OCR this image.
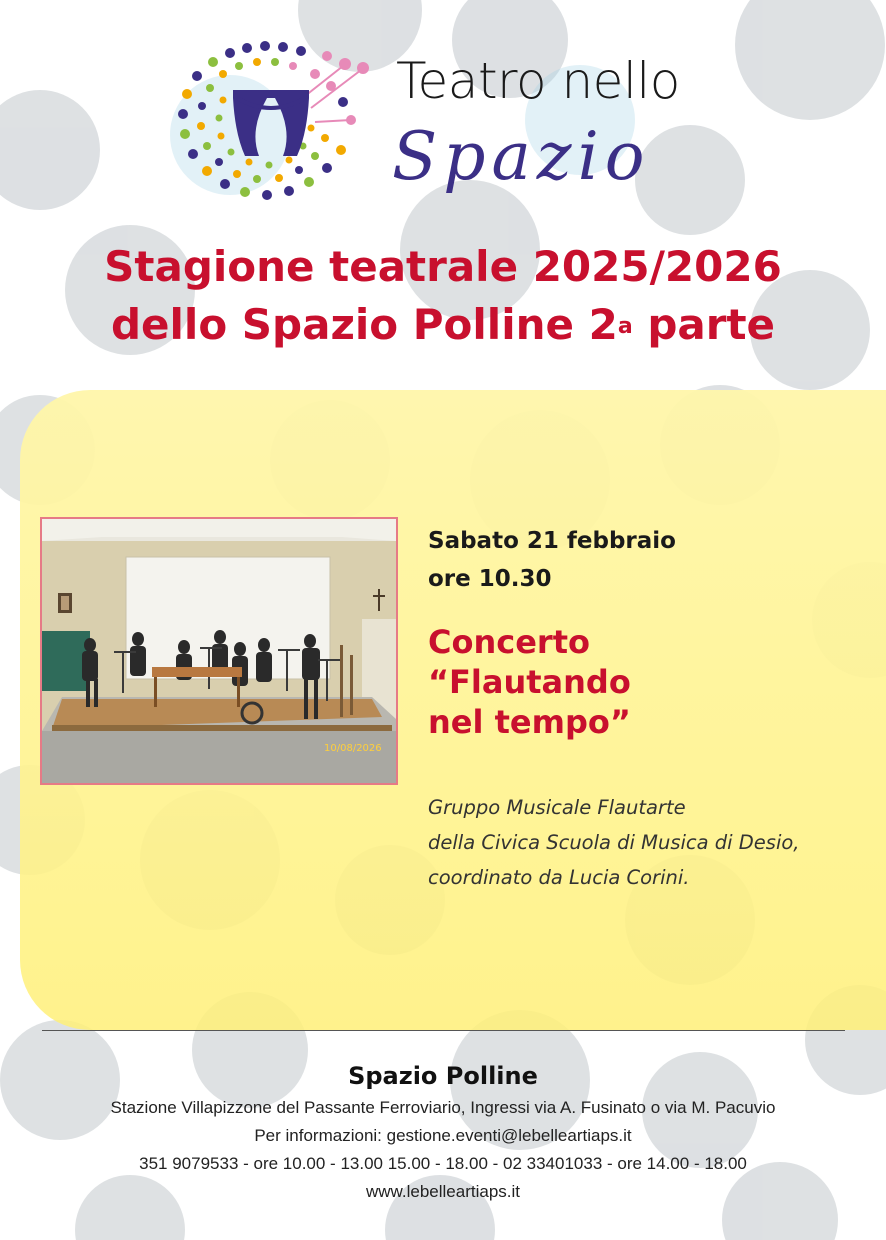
Teatro nello
Spazio
Stagione teatrale 2025/2026
dello Spazio Polline 2$^a$ parte
10/08/2026
Sabato 21 febbraio
ore 10.30
Concerto
“Flautando
nel tempo”
Gruppo Musicale Flautarte
della Civica Scuola di Musica di Desio,
coordinato da Lucia Corini.
Spazio Polline
Stazione Villapizzone del Passante Ferroviario, Ingressi via A. Fusinato o via M. Pacuvio
Per informazioni: gestione.eventi@lebelleartiaps.it
351 9079533 - ore 10.00 - 13.00 15.00 - 18.00 - 02 33401033 - ore 14.00 - 18.00
www.lebelleartiaps.it
